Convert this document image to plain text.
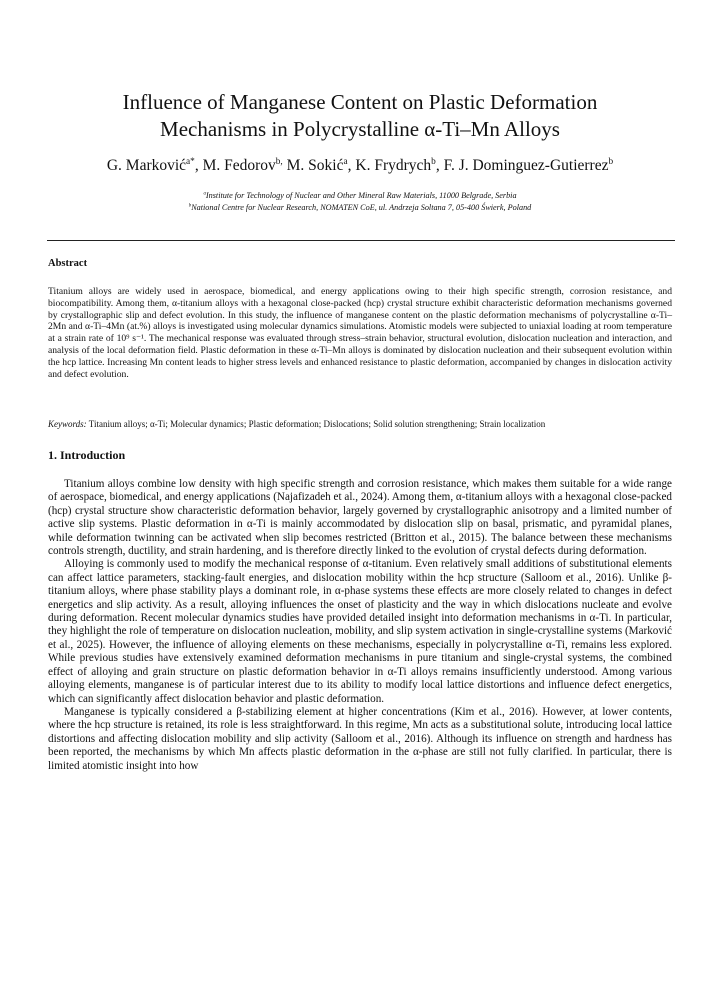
Influence of Manganese Content on Plastic Deformation
Mechanisms in Polycrystalline α-Ti–Mn Alloys
G. Marković$^{a*}$, M. Fedorov$^{b,}$ M. Sokić$^a$, K. Frydrych$^b$, F. J. Dominguez-Gutierrez$^b$
$^a$Institute for Technology of Nuclear and Other Mineral Raw Materials, 11000 Belgrade, Serbia
$^b$National Centre for Nuclear Research, NOMATEN CoE, ul. Andrzeja Soltana 7, 05-400 Świerk, Poland
Abstract
Titanium alloys are widely used in aerospace, biomedical, and energy applications owing to their high specific strength, corrosion resistance, and biocompatibility. Among them, α-titanium alloys with a hexagonal close-packed (hcp) crystal structure exhibit characteristic deformation mechanisms governed by crystallographic slip and defect evolution. In this study, the influence of manganese content on the plastic deformation mechanisms of polycrystalline α-Ti–2Mn and α-Ti–4Mn (at.%) alloys is investigated using molecular dynamics simulations. Atomistic models were subjected to uniaxial loading at room temperature at a strain rate of 10⁹ s⁻¹. The mechanical response was evaluated through stress–strain behavior, structural evolution, dislocation nucleation and interaction, and analysis of the local deformation field. Plastic deformation in these α-Ti–Mn alloys is dominated by dislocation nucleation and their subsequent evolution within the hcp lattice. Increasing Mn content leads to higher stress levels and enhanced resistance to plastic deformation, accompanied by changes in dislocation activity and defect evolution.
Keywords: Titanium alloys; α-Ti; Molecular dynamics; Plastic deformation; Dislocations; Solid solution strengthening; Strain localization
1. Introduction

Titanium alloys combine low density with high specific strength and corrosion resistance, which makes them suitable for a wide range of aerospace, biomedical, and energy applications (Najafizadeh et al., 2024). Among them, α-titanium alloys with a hexagonal close-packed (hcp) crystal structure show characteristic deformation behavior, largely governed by crystallographic anisotropy and a limited number of active slip systems. Plastic deformation in α-Ti is mainly accommodated by dislocation slip on basal, prismatic, and pyramidal planes, while deformation twinning can be activated when slip becomes restricted (Britton et al., 2015). The balance between these mechanisms controls strength, ductility, and strain hardening, and is therefore directly linked to the evolution of crystal defects during deformation.

Alloying is commonly used to modify the mechanical response of α-titanium. Even relatively small additions of substitutional elements can affect lattice parameters, stacking-fault energies, and dislocation mobility within the hcp structure (Salloom et al., 2016). Unlike β-titanium alloys, where phase stability plays a dominant role, in α-phase systems these effects are more closely related to changes in defect energetics and slip activity. As a result, alloying influences the onset of plasticity and the way in which dislocations nucleate and evolve during deformation. Recent molecular dynamics studies have provided detailed insight into deformation mechanisms in α-Ti. In particular, they highlight the role of temperature on dislocation nucleation, mobility, and slip system activation in single-crystalline systems (Marković et al., 2025). However, the influence of alloying elements on these mechanisms, especially in polycrystalline α-Ti, remains less explored. While previous studies have extensively examined deformation mechanisms in pure titanium and single-crystal systems, the combined effect of alloying and grain structure on plastic deformation behavior in α-Ti alloys remains insufficiently understood. Among various alloying elements, manganese is of particular interest due to its ability to modify local lattice distortions and influence defect energetics, which can significantly affect dislocation behavior and plastic deformation.

Manganese is typically considered a β-stabilizing element at higher concentrations (Kim et al., 2016). However, at lower contents, where the hcp structure is retained, its role is less straightforward. In this regime, Mn acts as a substitutional solute, introducing local lattice distortions and affecting dislocation mobility and slip activity (Salloom et al., 2016). Although its influence on strength and hardness has been reported, the mechanisms by which Mn affects plastic deformation in the α-phase are still not fully clarified. In particular, there is limited atomistic insight into how
